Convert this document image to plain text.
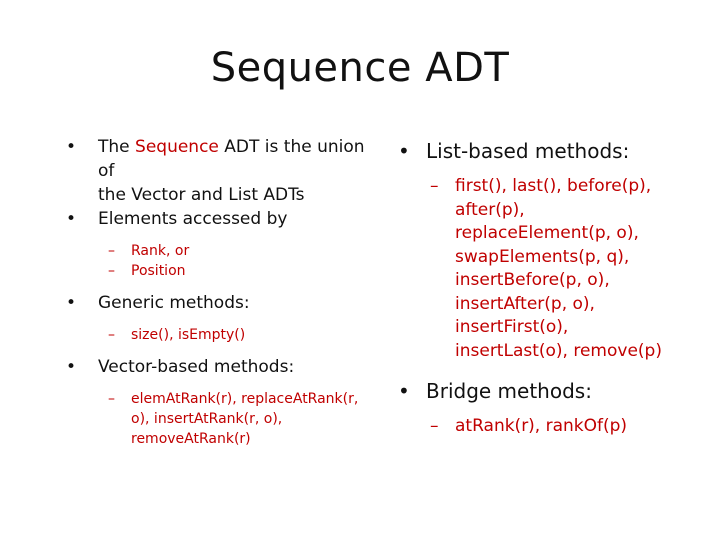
Sequence ADT

• The Sequence ADT is the union of
the Vector and List ADTs

• Elements accessed by

– Rank, or

– Position

• Generic methods:

– size(), isEmpty()

• Vector-based methods:

– elemAtRank(r), replaceAtRank(r,
o), insertAtRank(r, o),
removeAtRank(r)

• List-based methods:

– first(), last(), before(p),
after(p),
replaceElement(p, o),
swapElements(p, q),
insertBefore(p, o),
insertAfter(p, o),
insertFirst(o),
insertLast(o), remove(p)

• Bridge methods:

– atRank(r), rankOf(p)
